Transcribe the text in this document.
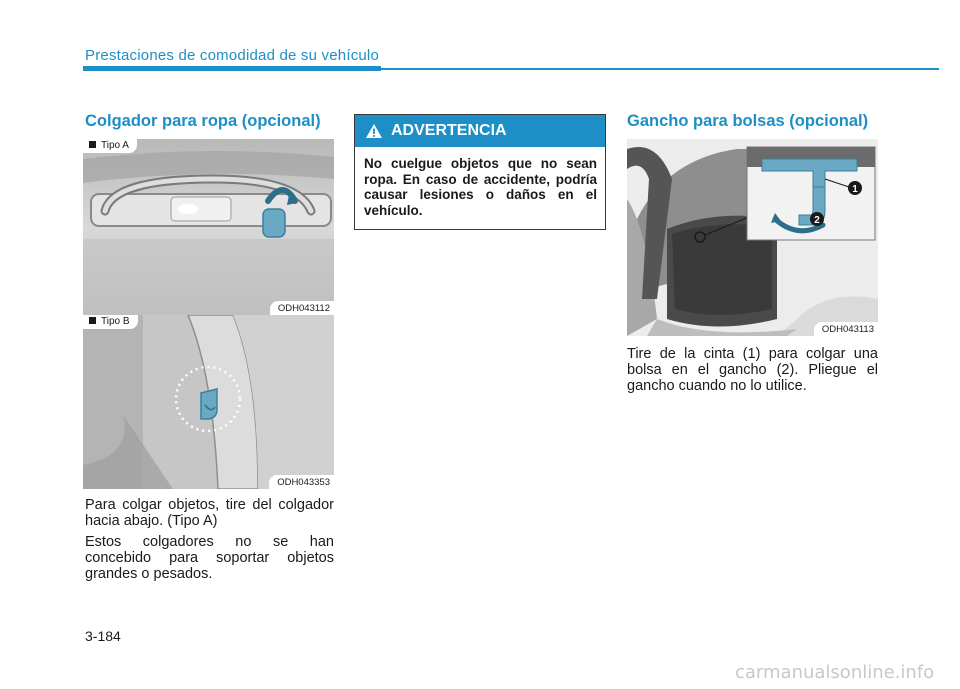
Prestaciones de comodidad de su vehículo
Colgador para ropa (opcional)
Tipo A
ODH043112
Tipo B
ODH043353
Para colgar objetos, tire del colgador hacia abajo. (Tipo A)
Estos colgadores no se han concebido para soportar objetos grandes o pesados.
ADVERTENCIA
No cuelgue objetos que no sean ropa. En caso de accidente, podría causar lesiones o daños en el vehículo.
Gancho para bolsas (opcional)
1
2
ODH043113
Tire de la cinta (1) para colgar una bolsa en el gancho (2). Pliegue el gancho cuando no lo utilice.
3-184
carmanualsonline.info
